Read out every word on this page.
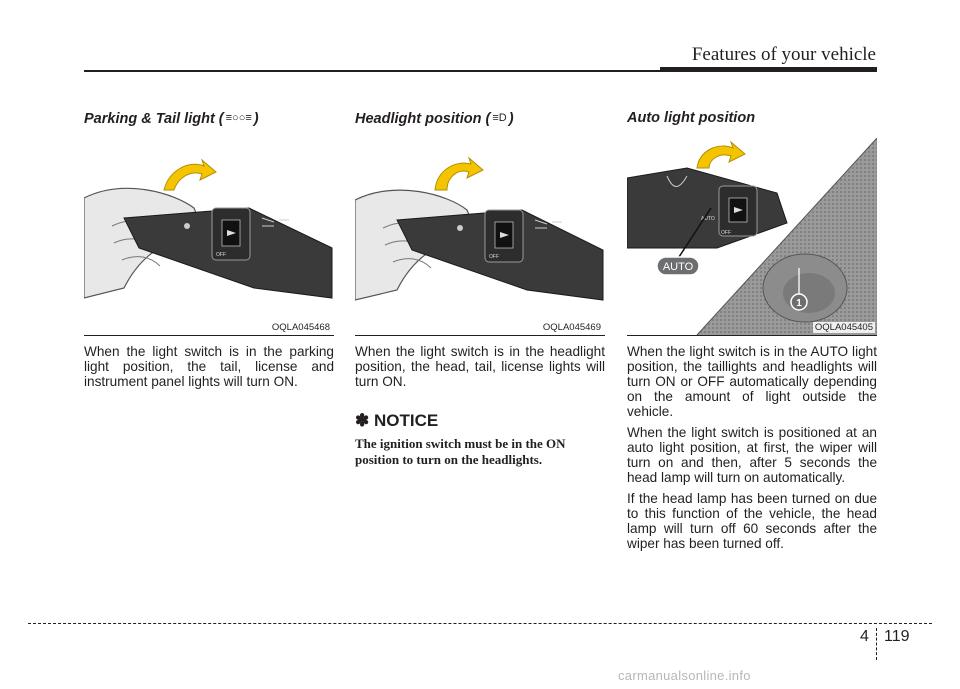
Features of your vehicle
Parking & Tail light ( ≡○○≡ )
OFF
OQLA045468

When the light switch is in the parking light position, the tail, license and instrument panel lights will turn ON.

Headlight position ( ≡D )
OFF
OQLA045469

When the light switch is in the headlight position, the head, tail, license lights will turn ON.

✽ NOTICE

The ignition switch must be in the ON position to turn on the headlights.

Auto light position
OFF
AUTO
AUTO
1
OQLA045405

When the light switch is in the AUTO light position, the taillights and headlights will turn ON or OFF automatically depending on the amount of light outside the vehicle.

When the light switch is positioned at an auto light position, at first, the wiper will turn on and then, after 5 seconds the head lamp will turn on automatically.

If the head lamp has been turned on due to this function of the vehicle, the head lamp will turn off 60 seconds after the wiper has been turned off.

4 119
carmanualsonline.info
